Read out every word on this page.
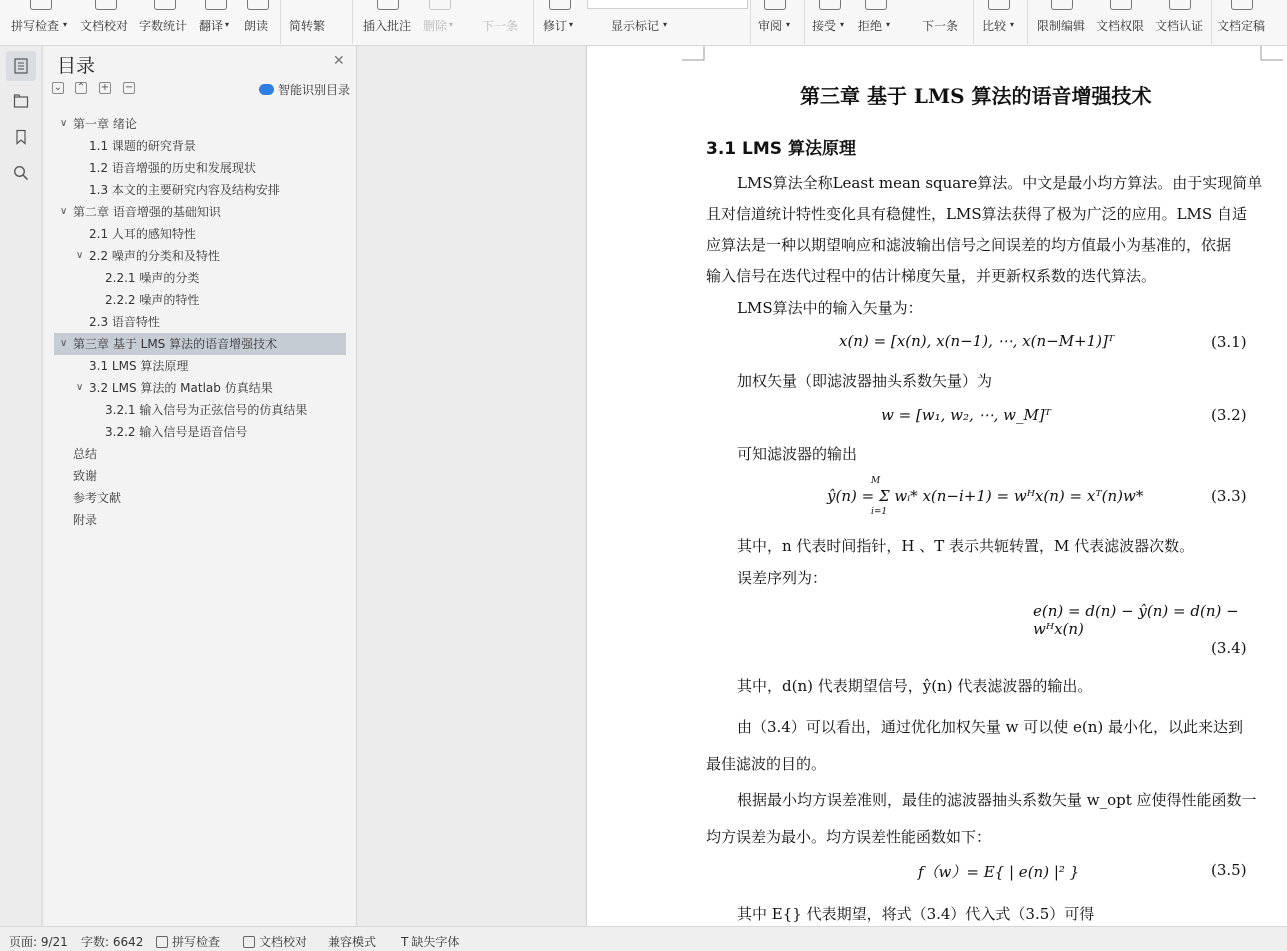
拼写检查 ▾ 文档校对 字数统计 翻译 ▾ 朗读 简转繁	插入批注 删除 ▾ 下一条 修订 ▾	显示标记 ▾	审阅 ▾ 接受 ▾ 拒绝 ▾	下一条 比较 ▾ 限制编辑 文档权限 文档认证 文档定稿
目录	✕
⌄ ⌃ + −	智能识别目录
∨ 第一章 绪论
1.1 课题的研究背景
1.2 语音增强的历史和发展现状
1.3 本文的主要研究内容及结构安排
∨ 第二章 语音增强的基础知识
2.1 人耳的感知特性
∨ 2.2 噪声的分类和及特性
2.2.1 噪声的分类
2.2.2 噪声的特性
2.3 语音特性
∨ 第三章 基于 LMS 算法的语音增强技术
3.1 LMS 算法原理
∨ 3.2 LMS 算法的 Matlab 仿真结果
3.2.1 输入信号为正弦信号的仿真结果
3.2.2 输入信号是语音信号
总结
致谢
参考文献
附录
第三章 基于 LMS 算法的语音增强技术
3.1 LMS 算法原理
LMS算法全称Least mean square算法。中文是最小均方算法。由于实现简单
且对信道统计特性变化具有稳健性，LMS算法获得了极为广泛的应用。LMS 自适
应算法是一种以期望响应和滤波输出信号之间误差的均方值最小为基准的，依据
输入信号在迭代过程中的估计梯度矢量，并更新权系数的迭代算法。
LMS算法中的输入矢量为：
x(n) = [x(n), x(n−1), ⋯, x(n−M+1)]ᵀ	(3.1)
加权矢量（即滤波器抽头系数矢量）为
w = [w₁, w₂, ⋯, w_M]ᵀ	(3.2)
可知滤波器的输出
M
ŷ(n) = Σ wᵢ* x(n−i+1) = wᴴx(n) = xᵀ(n)w*
i=1
(3.3)
其中，n 代表时间指针，H 、T 表示共轭转置，M 代表滤波器次数。
误差序列为：
e(n) = d(n) − ŷ(n) = d(n) − wᴴx(n)
(3.4)
其中，d(n) 代表期望信号，ŷ(n) 代表滤波器的输出。
由（3.4）可以看出，通过优化加权矢量 w 可以使 e(n) 最小化，以此来达到
最佳滤波的目的。
根据最小均方误差准则，最佳的滤波器抽头系数矢量 w_opt 应使得性能函数一
均方误差为最小。均方误差性能函数如下：
f（w）= E{ | e(n) |² }	(3.5)
其中 E{} 代表期望，将式（3.4）代入式（3.5）可得
页面: 9/21 字数: 6642	拼写检查	文档校对 兼容模式 T 缺失字体
